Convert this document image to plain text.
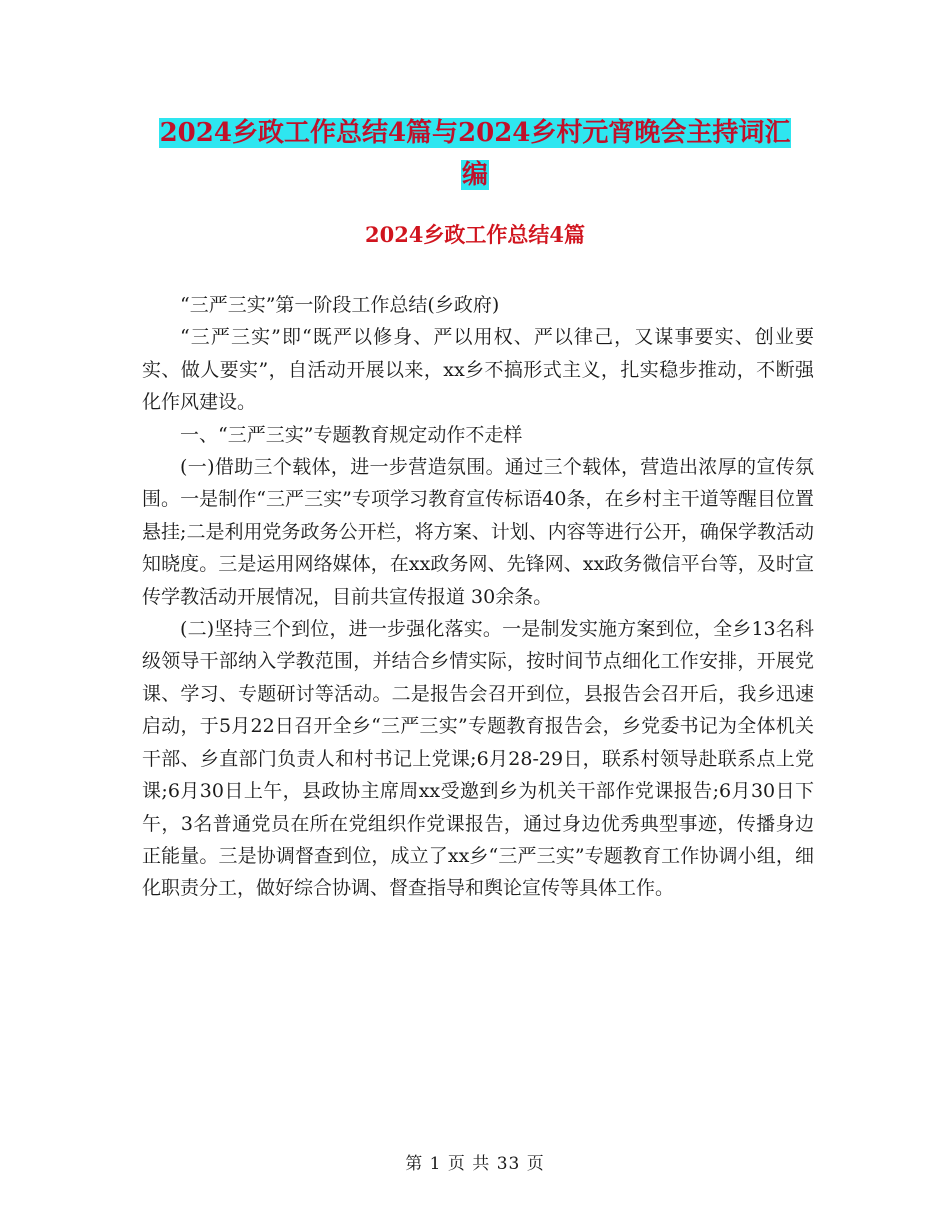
2024乡政工作总结4篇与2024乡村元宵晚会主持词汇
编
2024乡政工作总结4篇

“三严三实”第一阶段工作总结(乡政府)

“三严三实”即“既严以修身、严以用权、严以律己，又谋事要实、创业要实、做人要实”，自活动开展以来，xx乡不搞形式主义，扎实稳步推动，不断强化作风建设。

一、“三严三实”专题教育规定动作不走样

(一)借助三个载体，进一步营造氛围。通过三个载体，营造出浓厚的宣传氛围。一是制作“三严三实”专项学习教育宣传标语40条，在乡村主干道等醒目位置悬挂;二是利用党务政务公开栏，将方案、计划、内容等进行公开，确保学教活动知晓度。三是运用网络媒体，在xx政务网、先锋网、xx政务微信平台等，及时宣传学教活动开展情况，目前共宣传报道 30余条。

(二)坚持三个到位，进一步强化落实。一是制发实施方案到位，全乡13名科级领导干部纳入学教范围，并结合乡情实际，按时间节点细化工作安排，开展党课、学习、专题研讨等活动。二是报告会召开到位，县报告会召开后，我乡迅速启动，于5月22日召开全乡“三严三实”专题教育报告会，乡党委书记为全体机关干部、乡直部门负责人和村书记上党课;6月28-29日，联系村领导赴联系点上党课;6月30日上午，县政协主席周xx受邀到乡为机关干部作党课报告;6月30日下午，3名普通党员在所在党组织作党课报告，通过身边优秀典型事迹，传播身边正能量。三是协调督查到位，成立了xx乡“三严三实”专题教育工作协调小组，细化职责分工，做好综合协调、督查指导和舆论宣传等具体工作。

第 1 页 共 33 页
